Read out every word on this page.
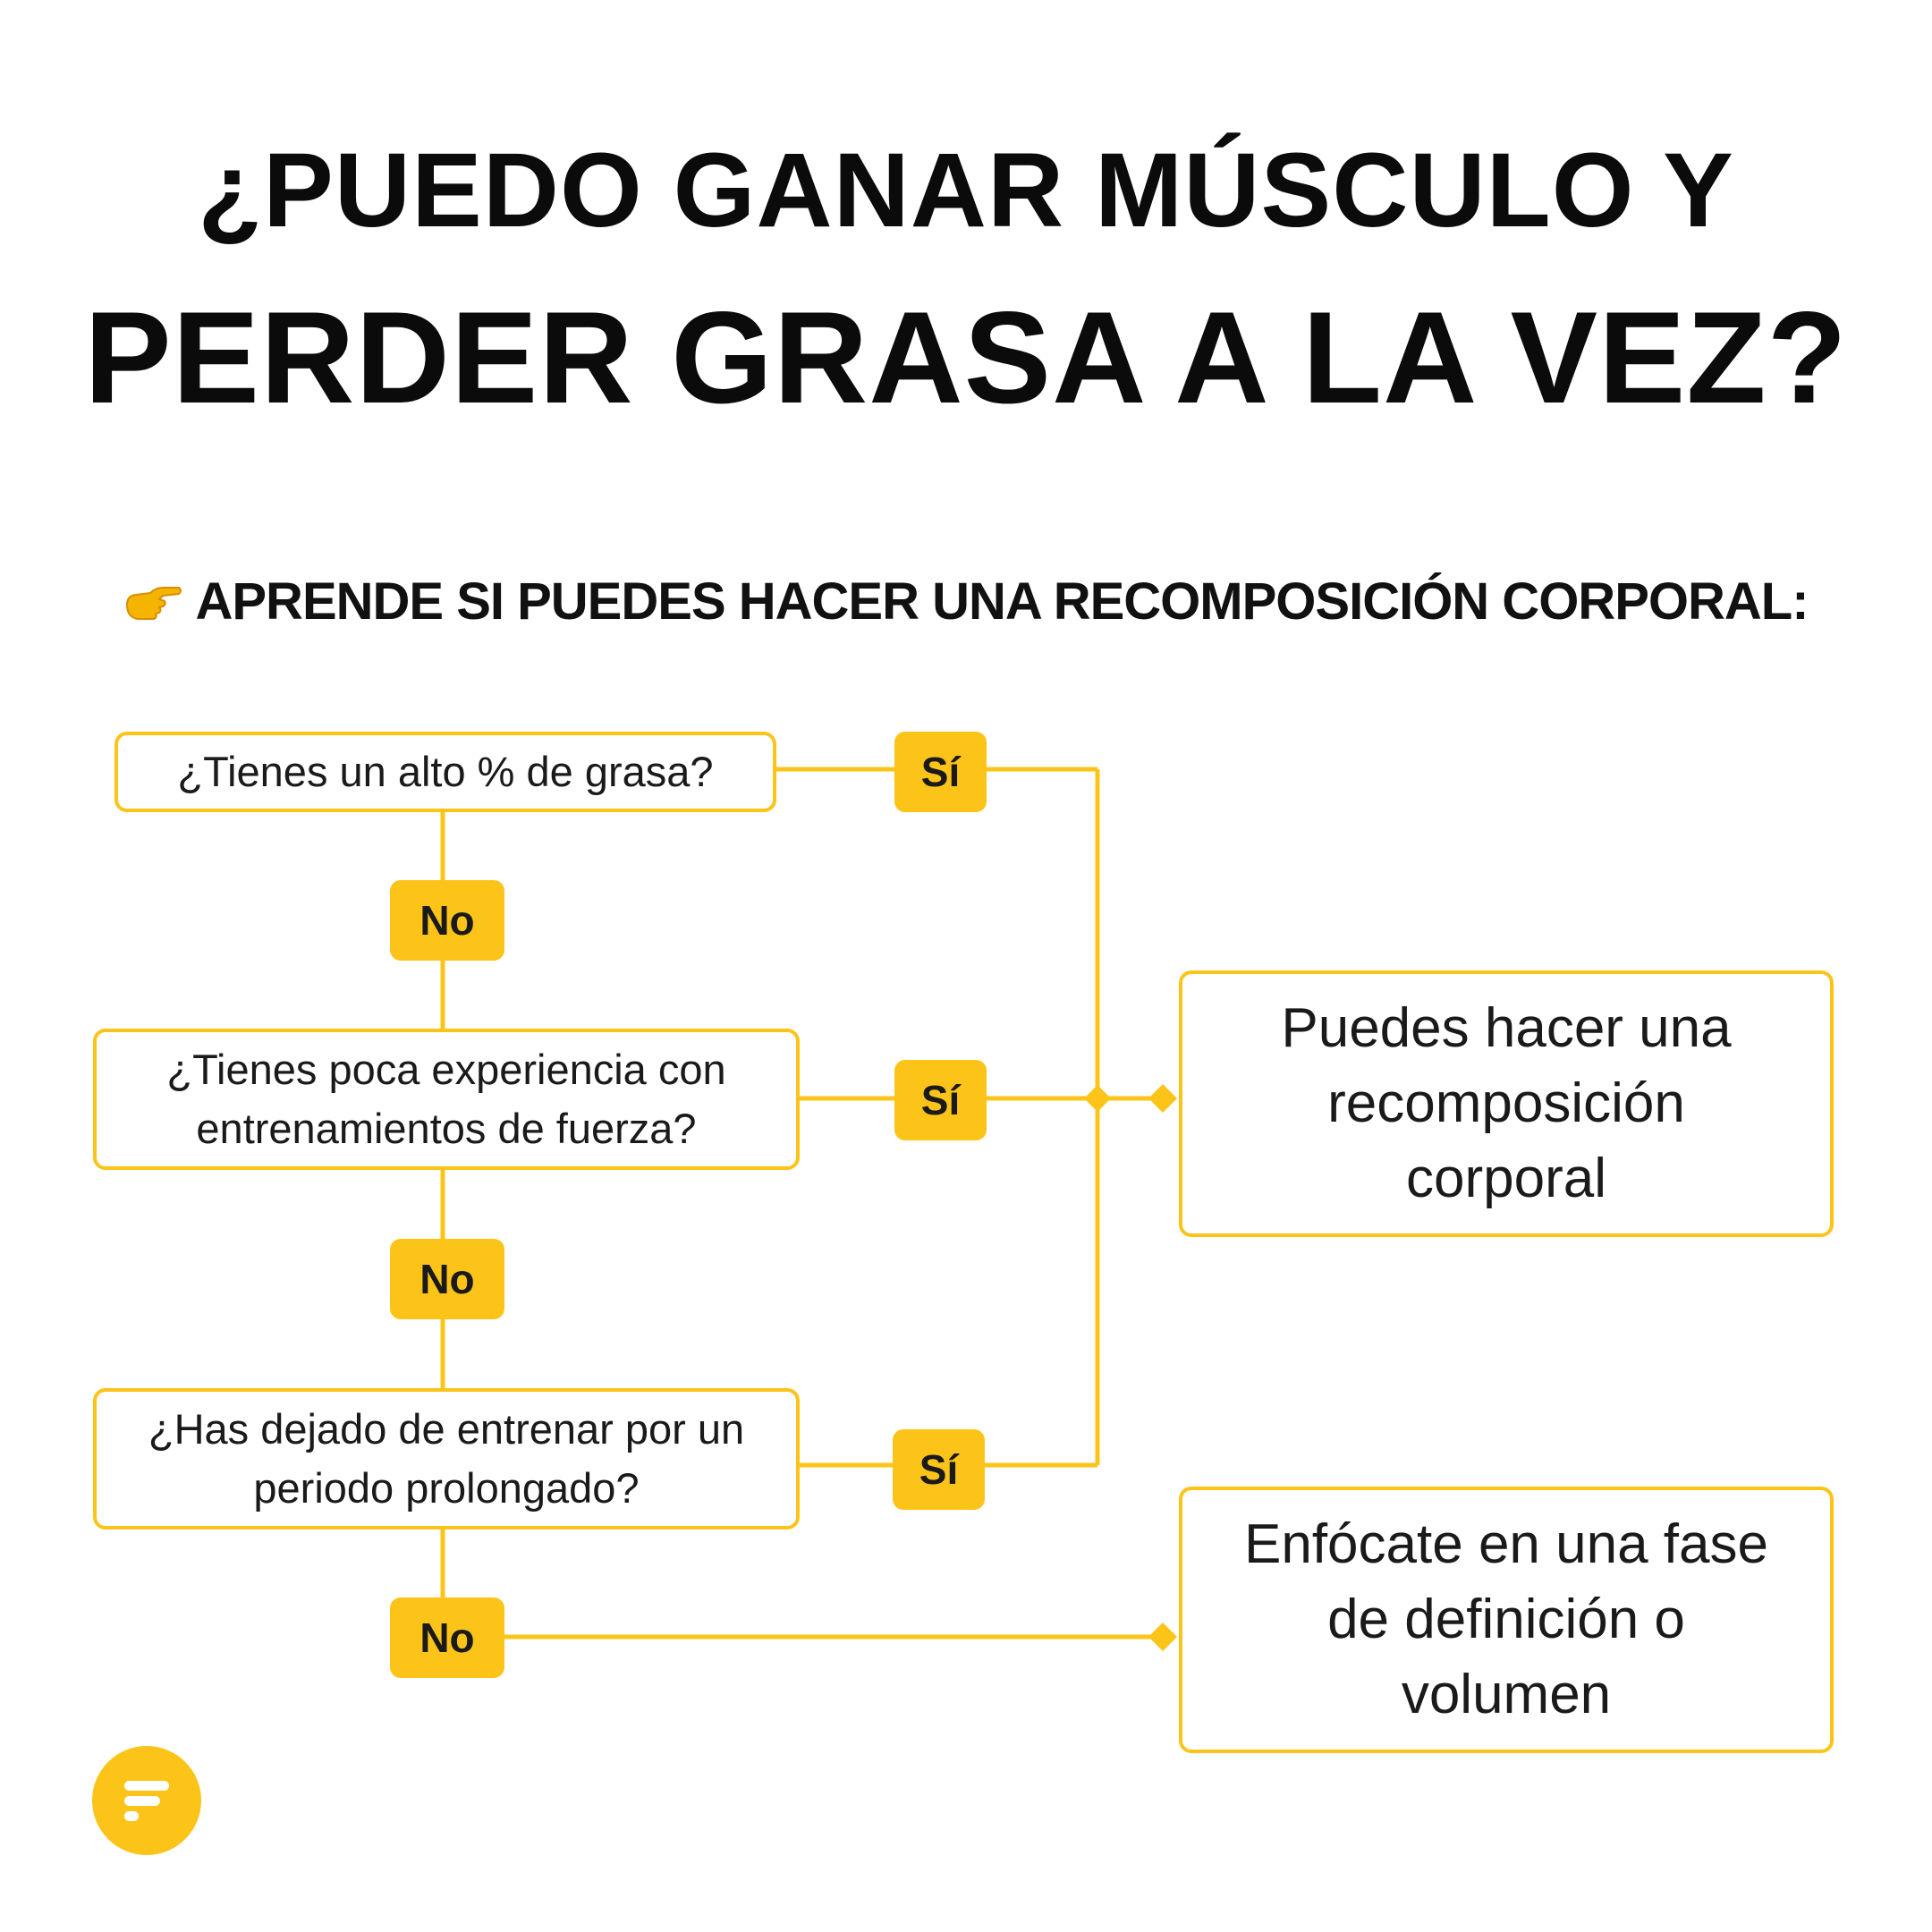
¿PUEDO GANAR MÚSCULO Y
PERDER GRASA A LA VEZ?
APRENDE SI PUEDES HACER UNA RECOMPOSICIÓN CORPORAL:
¿Tienes un alto % de grasa?
¿Tienes poca experiencia con entrenamientos de fuerza?
¿Has dejado de entrenar por un periodo prolongado?
Sí
Sí
Sí
No
No
No
Puedes hacer una recomposición corporal
Enfócate en una fase de definición o volumen
